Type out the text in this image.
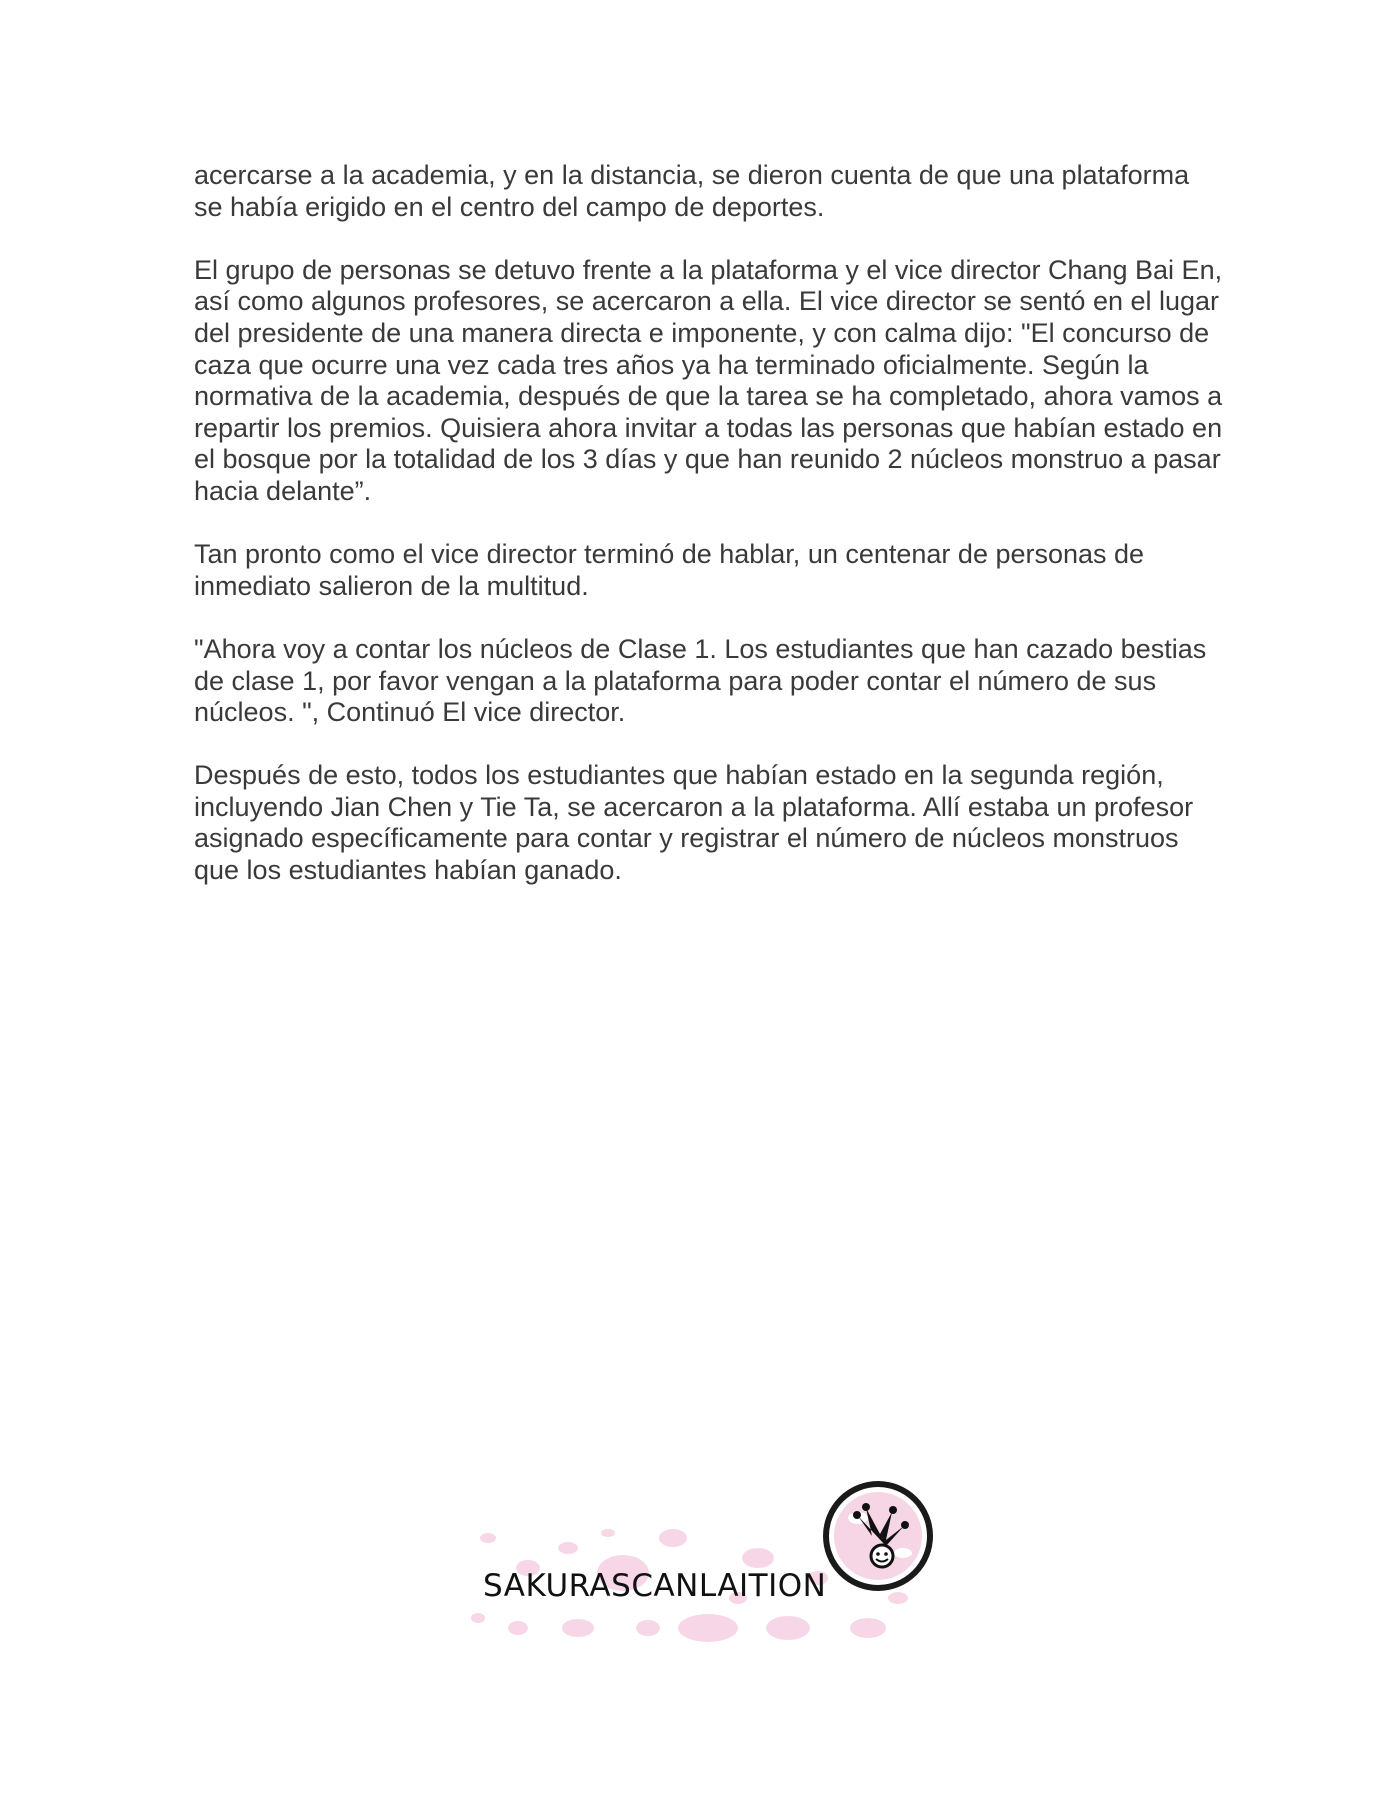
acercarse a la academia, y en la distancia, se dieron cuenta de que una plataforma se había erigido en el centro del campo de deportes.

El grupo de personas se detuvo frente a la plataforma y el vice director Chang Bai En, así como algunos profesores, se acercaron a ella. El vice director se sentó en el lugar del presidente de una manera directa e imponente, y con calma dijo: "El concurso de caza que ocurre una vez cada tres años ya ha terminado oficialmente. Según la normativa de la academia, después de que la tarea se ha completado, ahora vamos a repartir los premios. Quisiera ahora invitar a todas las personas que habían estado en el bosque por la totalidad de los 3 días y que han reunido 2 núcleos monstruo a pasar hacia delante”.

Tan pronto como el vice director terminó de hablar, un centenar de personas de inmediato salieron de la multitud.

"Ahora voy a contar los núcleos de Clase 1. Los estudiantes que han cazado bestias de clase 1, por favor vengan a la plataforma para poder contar el número de sus núcleos. ", Continuó El vice director.

Después de esto, todos los estudiantes que habían estado en la segunda región, incluyendo Jian Chen y Tie Ta, se acercaron a la plataforma. Allí estaba un profesor asignado específicamente para contar y registrar el número de núcleos monstruos que los estudiantes habían ganado.

SAKURASCANLAITION
